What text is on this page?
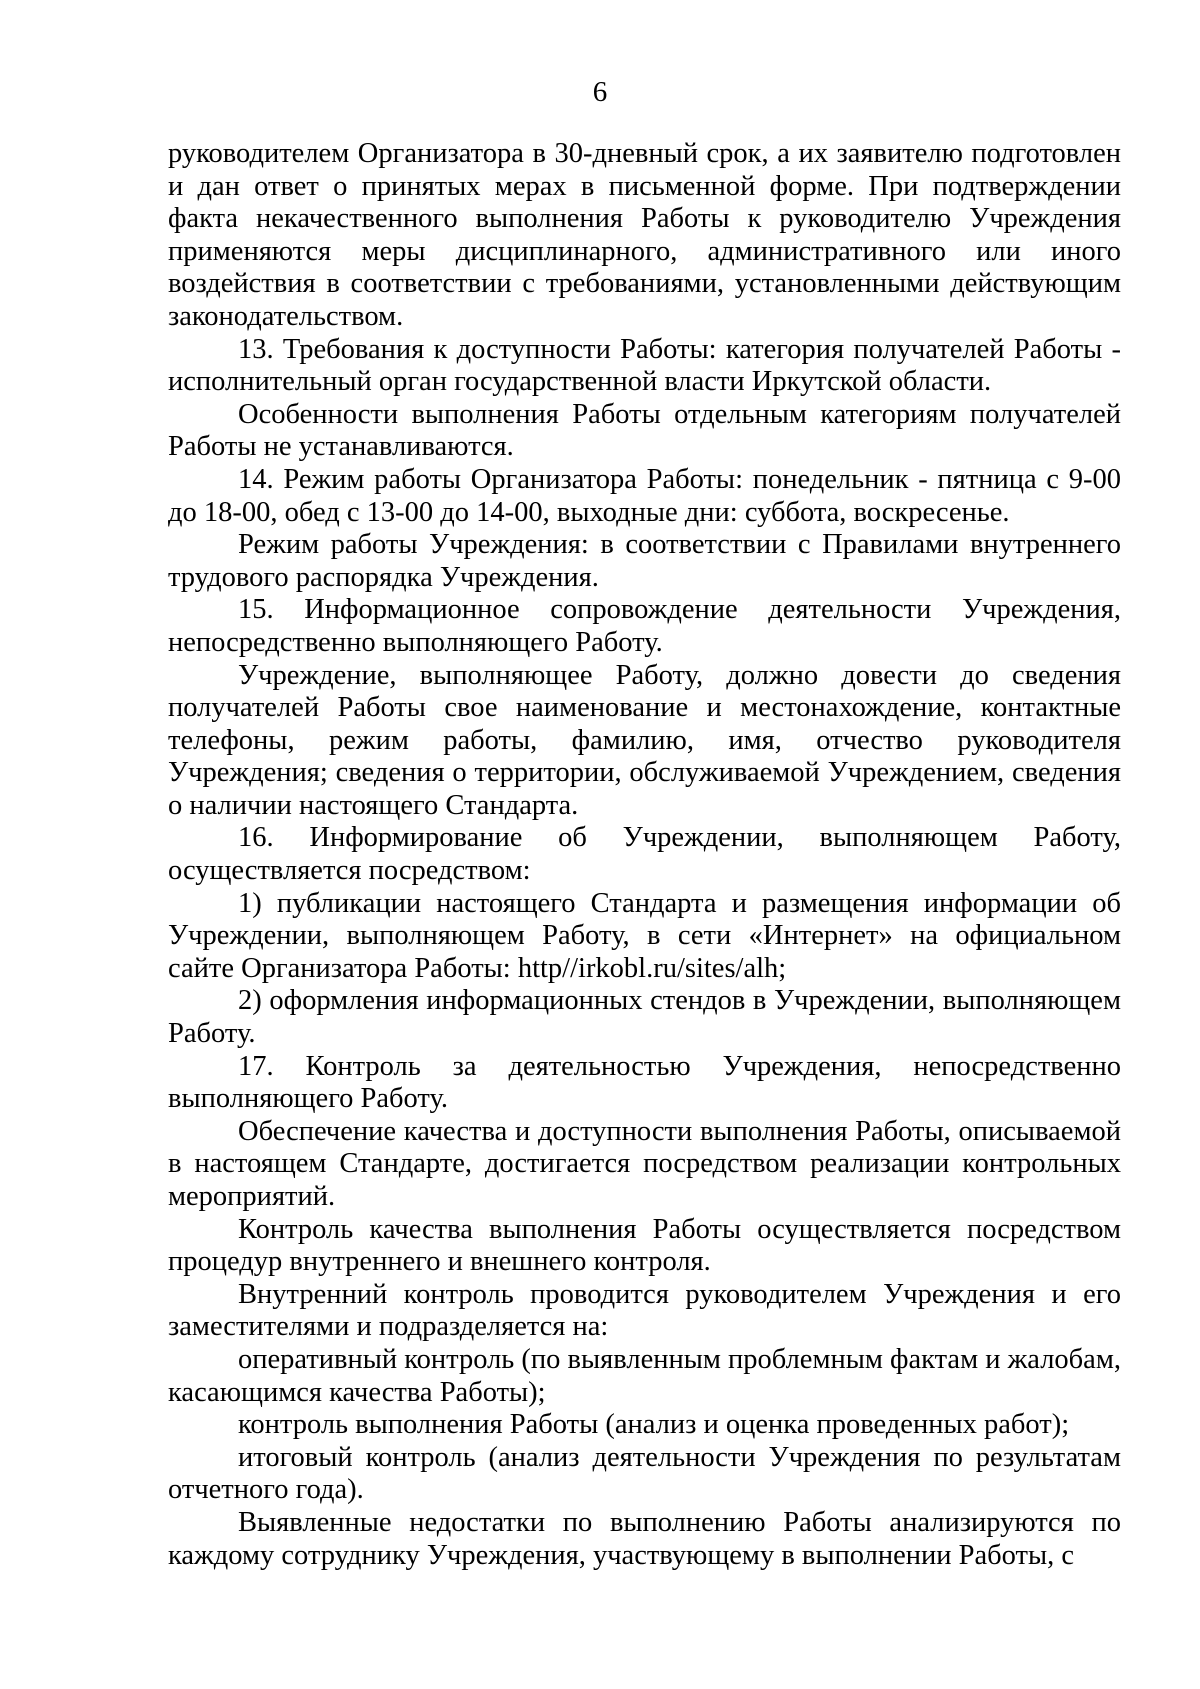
6

руководителем Организатора в 30-дневный срок, а их заявителю подготовлен и дан ответ о принятых мерах в письменной форме. При подтверждении факта некачественного выполнения Работы к руководителю Учреждения применяются меры дисциплинарного, административного или иного воздействия в соответствии с требованиями, установленными действующим законодательством.

13. Требования к доступности Работы: категория получателей Работы - исполнительный орган государственной власти Иркутской области.

Особенности выполнения Работы отдельным категориям получателей Работы не устанавливаются.

14. Режим работы Организатора Работы: понедельник - пятница с 9-00 до 18-00, обед с 13-00 до 14-00, выходные дни: суббота, воскресенье.

Режим работы Учреждения: в соответствии с Правилами внутреннего трудового распорядка Учреждения.

15. Информационное сопровождение деятельности Учреждения, непосредственно выполняющего Работу.

Учреждение, выполняющее Работу, должно довести до сведения получателей Работы свое наименование и местонахождение, контактные телефоны, режим работы, фамилию, имя, отчество руководителя Учреждения; сведения о территории, обслуживаемой Учреждением, сведения о наличии настоящего Стандарта.

16. Информирование об Учреждении, выполняющем Работу, осуществляется посредством:

1) публикации настоящего Стандарта и размещения информации об Учреждении, выполняющем Работу, в сети «Интернет» на официальном сайте Организатора Работы: http//irkobl.ru/sites/alh;

2) оформления информационных стендов в Учреждении, выполняющем Работу.

17. Контроль за деятельностью Учреждения, непосредственно выполняющего Работу.

Обеспечение качества и доступности выполнения Работы, описываемой в настоящем Стандарте, достигается посредством реализации контрольных мероприятий.

Контроль качества выполнения Работы осуществляется посредством процедур внутреннего и внешнего контроля.

Внутренний контроль проводится руководителем Учреждения и его заместителями и подразделяется на:

оперативный контроль (по выявленным проблемным фактам и жалобам, касающимся качества Работы);

контроль выполнения Работы (анализ и оценка проведенных работ);

итоговый контроль (анализ деятельности Учреждения по результатам отчетного года).

Выявленные недостатки по выполнению Работы анализируются по каждому сотруднику Учреждения, участвующему в выполнении Работы, с
